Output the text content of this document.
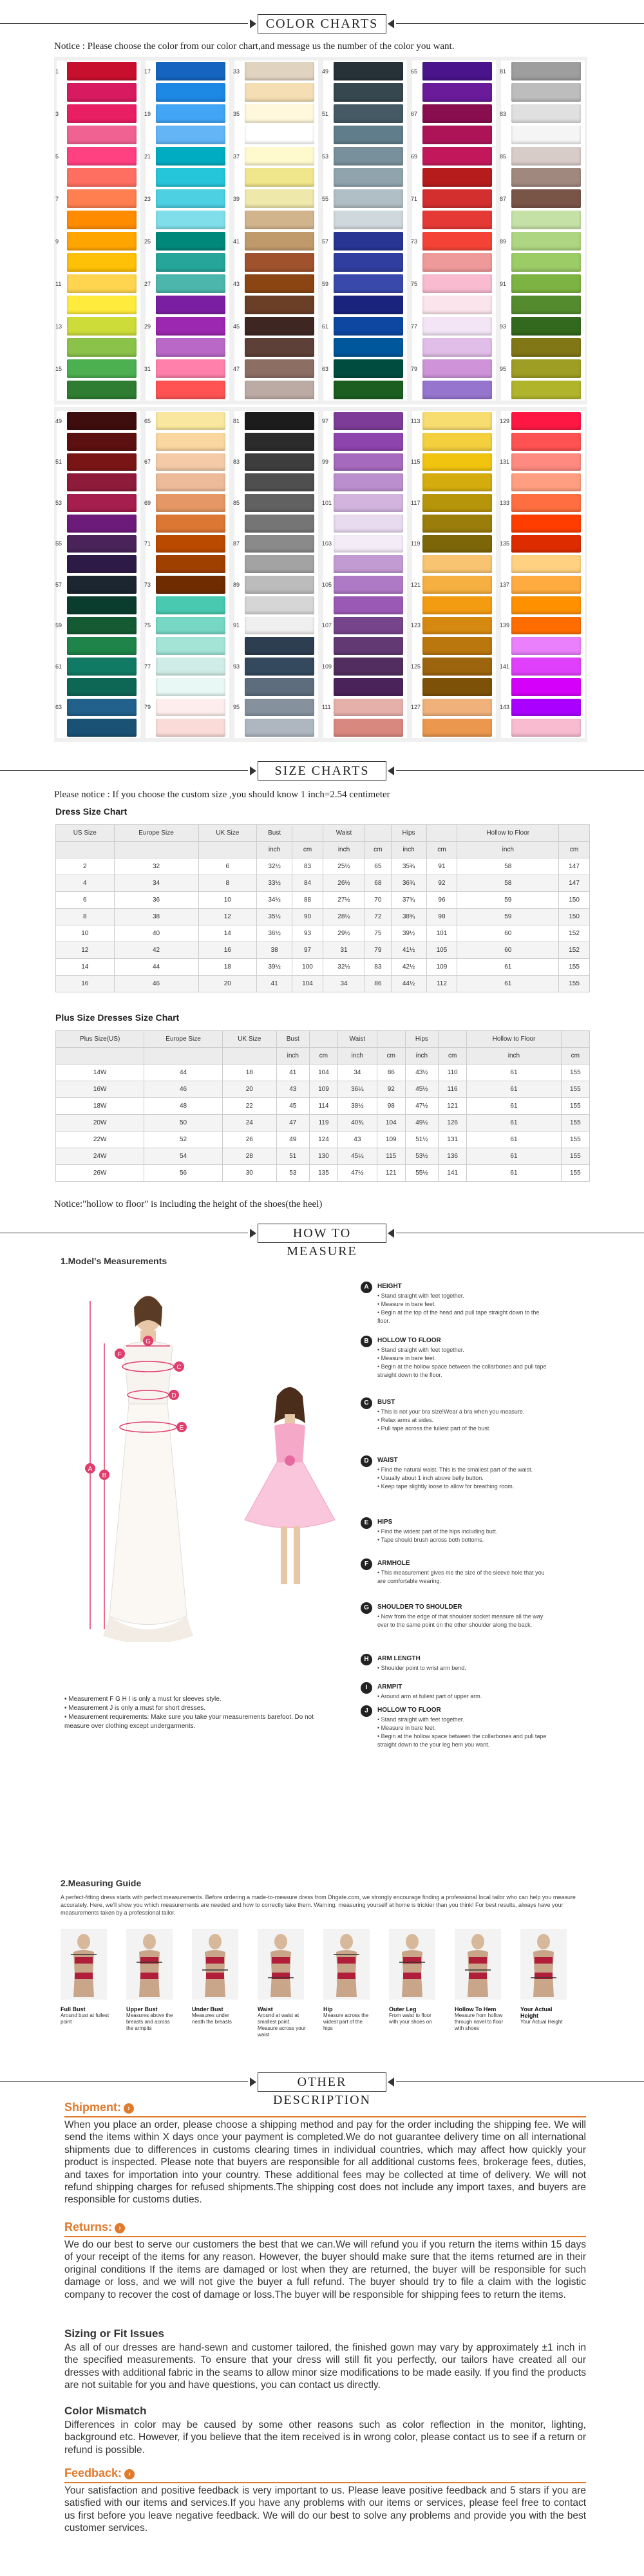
COLOR CHARTS
Notice : Please choose the color from our color chart,and message us the number of the color you want.
1
3
5
7
9
11
13
15
17
19
21
23
25
27
29
31
33
35
37
39
41
43
45
47
49
51
53
55
57
59
61
63
65
67
69
71
73
75
77
79
81
83
85
87
89
91
93
95
49
51
53
55
57
59
61
63
65
67
69
71
73
75
77
79
81
83
85
87
89
91
93
95
97
99
101
103
105
107
109
111
113
115
117
119
121
123
125
127
129
131
133
135
137
139
141
143
SIZE CHARTS
Please notice : If you choose the custom size ,you should know 1 inch=2.54 centimeter
Dress Size Chart
US Size	Europe Size	UK Size	Bust		Waist		Hips		Hollow to Floor	
			inch	cm	inch	cm	inch	cm	inch	cm
2	32	6	32½	83	25½	65	35¾	91	58	147
4	34	8	33½	84	26½	68	36¾	92	58	147
6	36	10	34½	88	27½	70	37¾	96	59	150
8	38	12	35½	90	28½	72	38¾	98	59	150
10	40	14	36½	93	29½	75	39½	101	60	152
12	42	16	38	97	31	79	41½	105	60	152
14	44	18	39½	100	32½	83	42½	109	61	155
16	46	20	41	104	34	86	44½	112	61	155
Plus Size Dresses Size Chart
Plus Size(US)	Europe Size	UK Size	Bust		Waist		Hips		Hollow to Floor	
			inch	cm	inch	cm	inch	cm	inch	cm
14W	44	18	41	104	34	86	43½	110	61	155
16W	46	20	43	109	36¼	92	45½	116	61	155
18W	48	22	45	114	38½	98	47½	121	61	155
20W	50	24	47	119	40¾	104	49½	126	61	155
22W	52	26	49	124	43	109	51½	131	61	155
24W	54	28	51	130	45¼	115	53½	136	61	155
26W	56	30	53	135	47½	121	55½	141	61	155
Notice:"hollow to floor" is including the height of the shoes(the heel)
HOW TO MEASURE
1.Model's Measurements
A
B
C
D
E
F
G
A	HEIGHT
• Stand straight with feet together.
• Measure in bare feet.
• Begin at the top of the head and pull tape straight down to the floor.
B	HOLLOW TO FLOOR
• Stand straight with feet together.
• Measure in bare feet.
• Begin at the hollow space between the collarbones and pull tape straight down to the floor.
C	BUST
• This is not your bra size!Wear a bra when you measure.
• Relax arms at sides.
• Pull tape across the fullest part of the bust.
D	WAIST
• Find the natural waist. This is the smallest part of the waist.
• Usually about 1 inch above belly button.
• Keep tape slightly loose to allow for breathing room.
E	HIPS
• Find the widest part of the hips including butt.
• Tape should brush across both bottoms.
F	ARMHOLE
• This measurement gives me the size of the sleeve hole that you are comfortable wearing.
G	SHOULDER TO SHOULDER
• Now from the edge of that shoulder socket measure all the way over to the same point on the other shoulder along the back.
H	ARM LENGTH
• Shoulder point to wrist arm bend.
I	ARMPIT
• Around arm at fullest part of upper arm.
J	HOLLOW TO FLOOR
• Stand straight with feet together.
• Measure in bare feet.
• Begin at the hollow space between the collarbones and pull tape straight down to the your leg hem you want.
• Measurement F G H I is only a must for sleeves style.
• Measurement J is only a must for short dresses.
• Measurement requirements: Make sure you take your measurements barefoot. Do not measure over clothing except undergarments.
2.Measuring Guide
A perfect-fitting dress starts with perfect measurements. Before ordering a made-to-measure dress from Dhgate.com, we strongly encourage finding a professional local tailor who can help you measure accurately. Here, we'll show you which measurements are needed and how to correctly take them. Warning: measuring yourself at home is trickier than you think! For best results, always have your measurements taken by a professional tailor.
Full Bust
Around bust at fullest point
Upper Bust
Measures above the breasts and across the armpits
Under Bust
Measures under neath the breasts
Waist
Around at waist at smallest point. Measure across your waist
Hip
Measure across the widest part of the hips
Outer Leg
From waist to floor with your shoes on
Hollow To Hem
Measure from hollow through navel to floor with shoes
Your Actual Height
Your Actual Height
OTHER DESCRIPTION
Shipment: ›
When you place an order, please choose a shipping method and pay for the order including the shipping fee. We will send the items within X days once your payment is completed.We do not guarantee delivery time on all international shipments due to differences in customs clearing times in individual countries, which may affect how quickly your product is inspected. Please note that buyers are responsible for all additional customs fees, brokerage fees, duties, and taxes for importation into your country. These additional fees may be collected at time of delivery. We will not refund shipping charges for refused shipments.The shipping cost does not include any import taxes, and buyers are responsible for customs duties.
Returns: ›
We do our best to serve our customers the best that we can.We will refund you if you return the items within 15 days of your receipt of the items for any reason. However, the buyer should make sure that the items returned are in their original conditions If the items are damaged or lost when they are returned, the buyer will be responsible for such damage or loss, and we will not give the buyer a full refund. The buyer should try to file a claim with the logistic company to recover the cost of damage or loss.The buyer will be responsible for shipping fees to return the items.
Sizing or Fit Issues
As all of our dresses are hand-sewn and customer tailored, the finished gown may vary by approximately ±1 inch in the specified measurements. To ensure that your dress will still fit you perfectly, our tailors have created all our dresses with additional fabric in the seams to allow minor size modifications to be made easily. If you find the products are not suitable for you and have questions, you can contact us directly.
Color Mismatch
Differences in color may be caused by some other reasons such as color reflection in the monitor, lighting, background etc. However, if you believe that the item received is in wrong color, please contact us to see if a return or refund is possible.
Feedback: ›
Your satisfaction and positive feedback is very important to us. Please leave positive feedback and 5 stars if you are satisfied with our items and services.If you have any problems with our items or services, please feel free to contact us first before you leave negative feedback. We will do our best to solve any problems and provide you with the best customer services.
